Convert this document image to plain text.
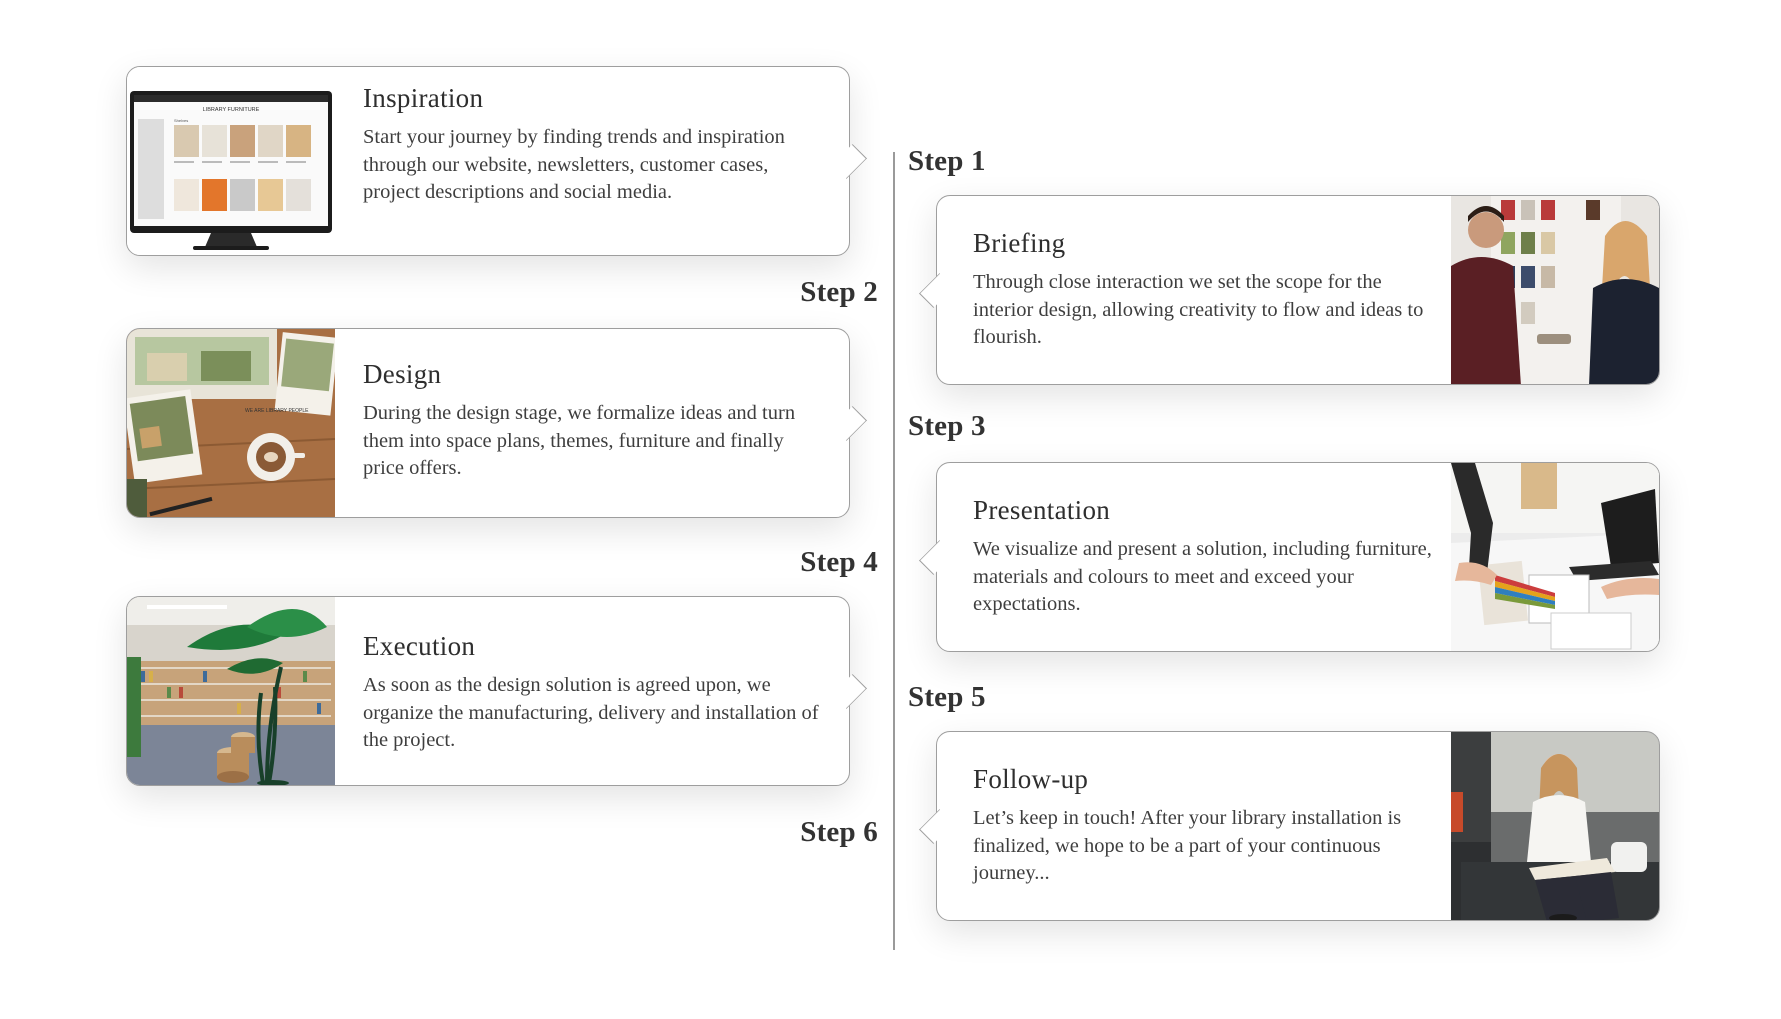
Step 1
Step 2
Step 3
Step 4
Step 5
Step 6
LIBRARY FURNITURE
Shelves
Inspiration

Start your journey by finding trends and inspiration through our website, newsletters, customer cases, project descriptions and social media.

Briefing

Through close interaction we set the scope for the interior design, allowing creativity to flow and ideas to flourish.

WE ARE LIBRARY PEOPLE
Design

During the design stage, we formalize ideas and turn them into space plans, themes, furniture and finally price offers.

Presentation

We visualize and present a solution, including furniture, materials and colours to meet and exceed your expectations.

Execution

As soon as the design solution is agreed upon, we organize the manufacturing, delivery and installation of the project.

Follow-up

Let’s keep in touch! After your library installation is finalized, we hope to be a part of your continuous journey...
